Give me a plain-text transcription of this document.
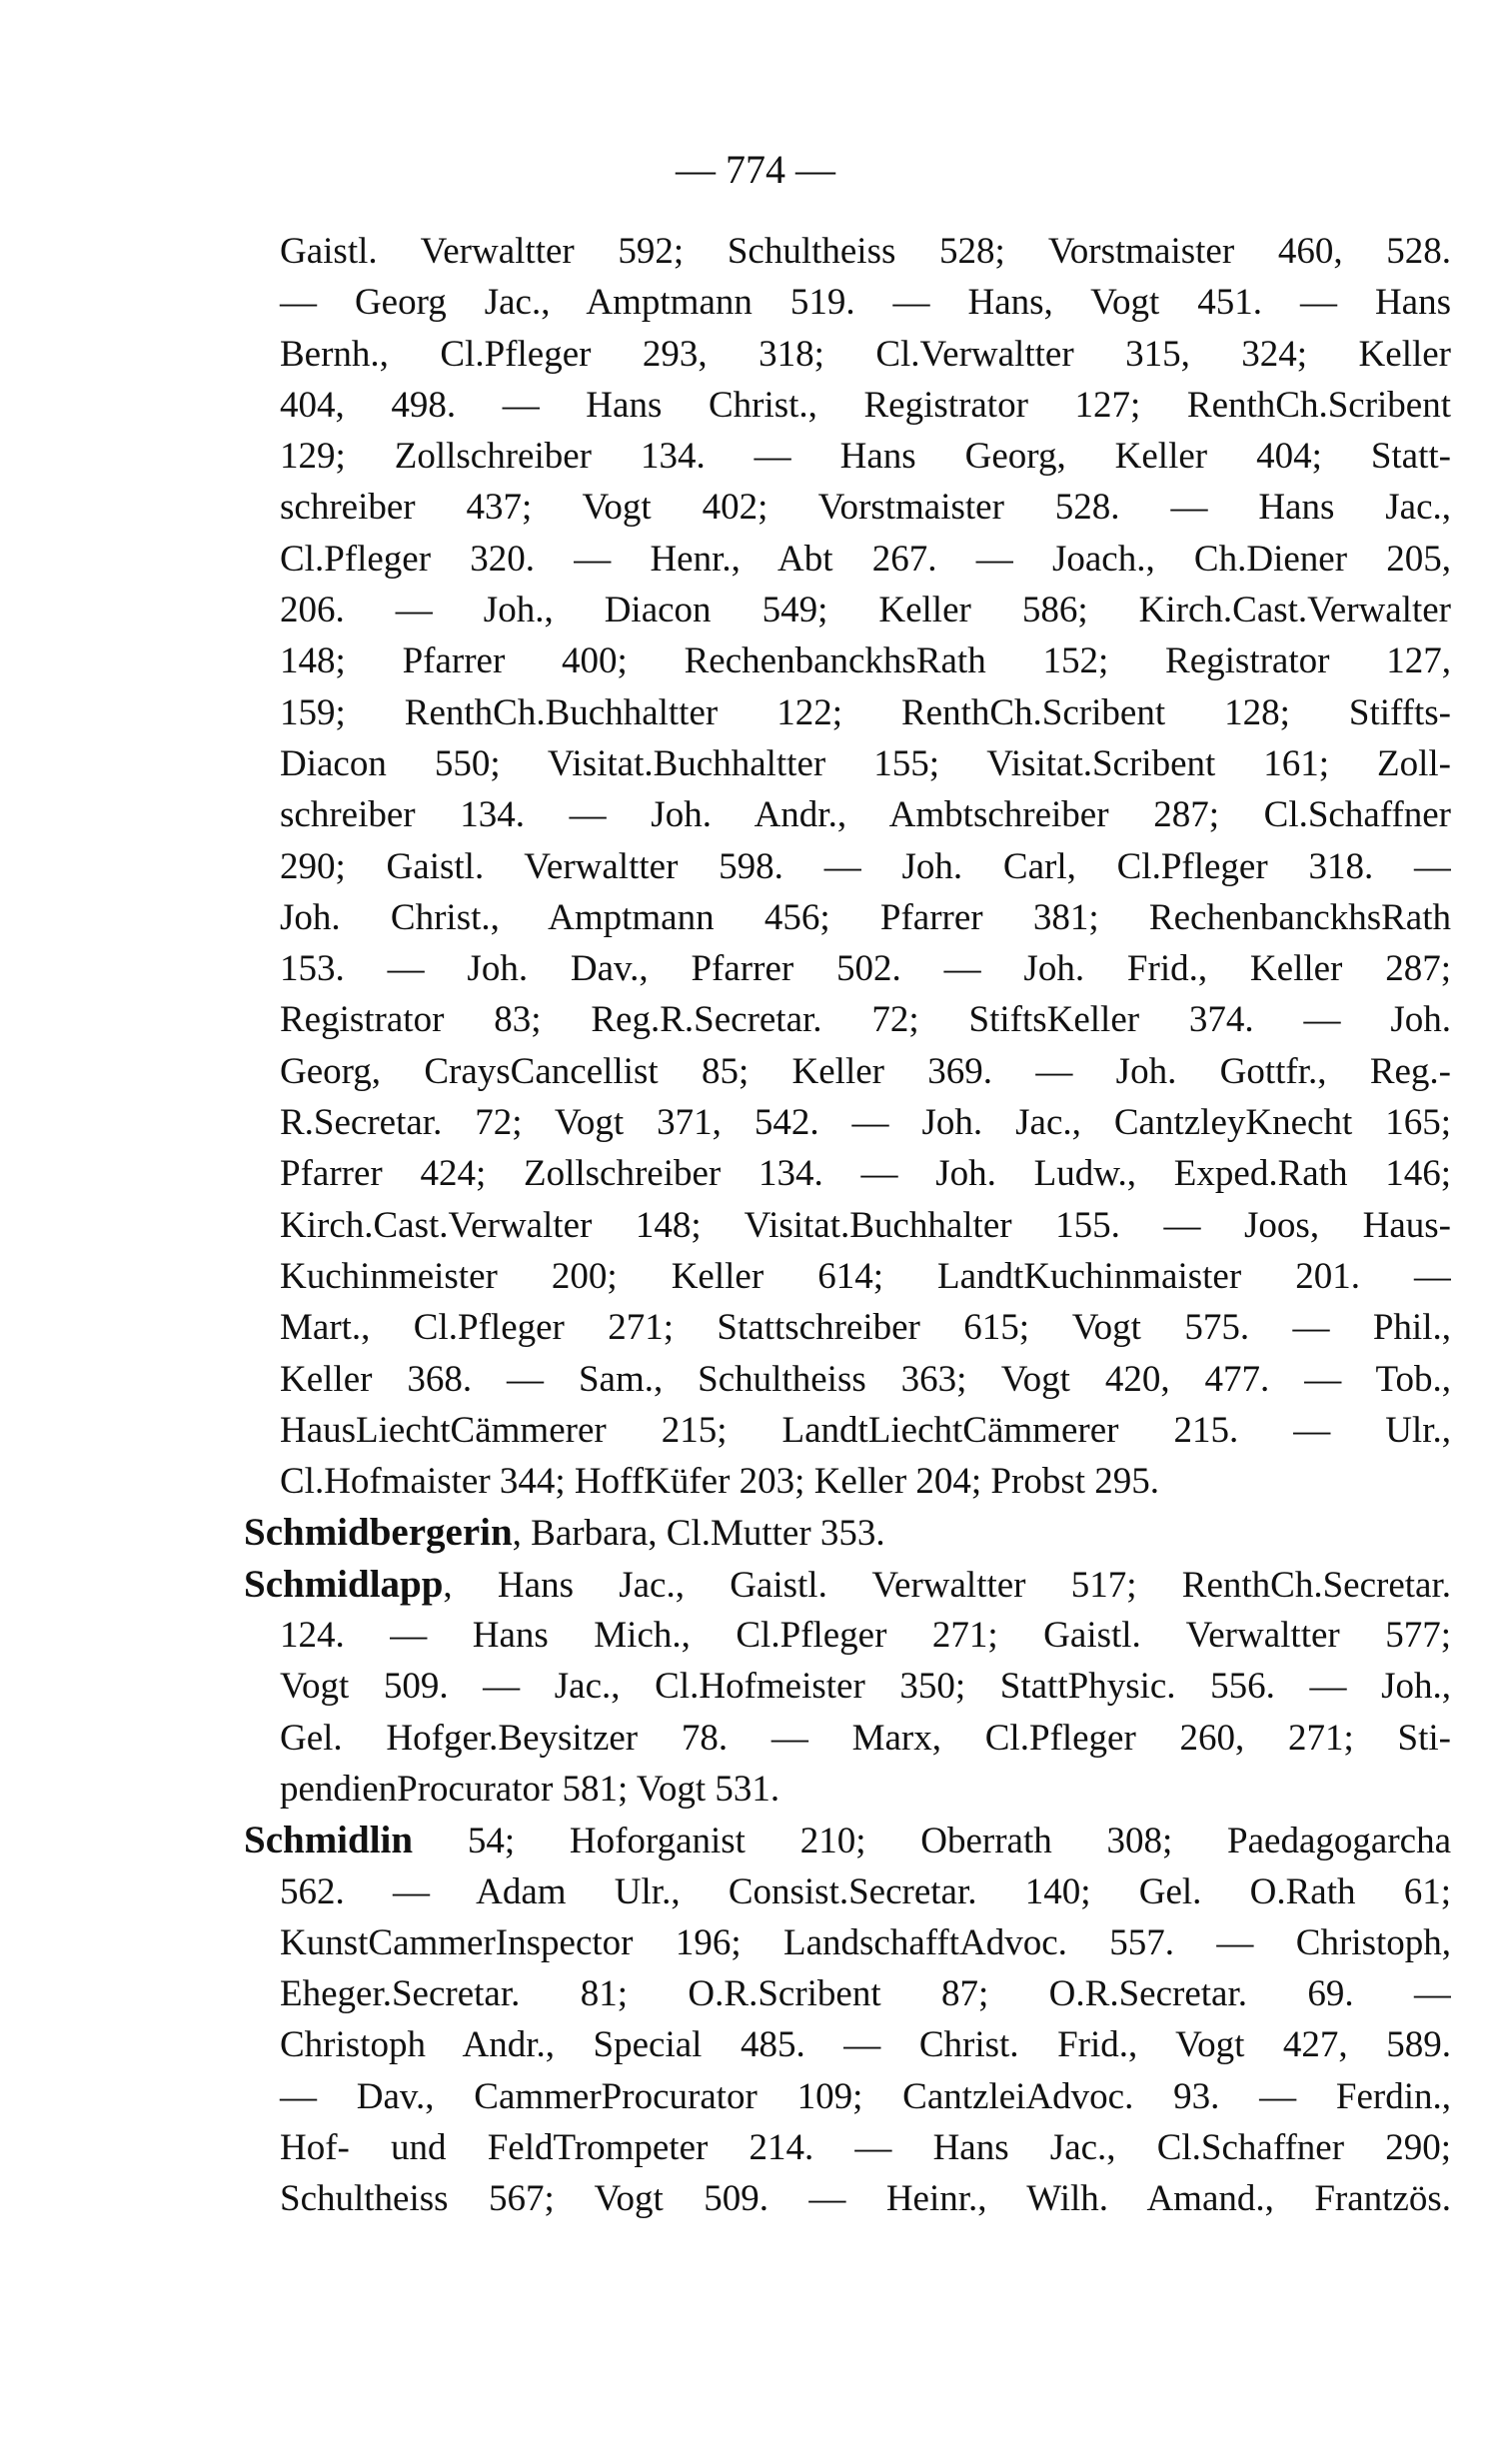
— 774 —
Gaistl. Verwaltter 592; Schultheiss 528; Vorstmaister 460, 528.
— Georg Jac., Amptmann 519. — Hans, Vogt 451. — Hans
Bernh., Cl.Pfleger 293, 318; Cl.Verwaltter 315, 324; Keller
404, 498. — Hans Christ., Registrator 127; RenthCh.Scribent
129; Zollschreiber 134. — Hans Georg, Keller 404; Statt-
schreiber 437; Vogt 402; Vorstmaister 528. — Hans Jac.,
Cl.Pfleger 320. — Henr., Abt 267. — Joach., Ch.Diener 205,
206. — Joh., Diacon 549; Keller 586; Kirch.Cast.Verwalter
148; Pfarrer 400; RechenbanckhsRath 152; Registrator 127,
159; RenthCh.Buchhaltter 122; RenthCh.Scribent 128; Stiffts-
Diacon 550; Visitat.Buchhaltter 155; Visitat.Scribent 161; Zoll-
schreiber 134. — Joh. Andr., Ambtschreiber 287; Cl.Schaffner
290; Gaistl. Verwaltter 598. — Joh. Carl, Cl.Pfleger 318. —
Joh. Christ., Amptmann 456; Pfarrer 381; RechenbanckhsRath
153. — Joh. Dav., Pfarrer 502. — Joh. Frid., Keller 287;
Registrator 83; Reg.R.Secretar. 72; StiftsKeller 374. — Joh.
Georg, CraysCancellist 85; Keller 369. — Joh. Gottfr., Reg.-
R.Secretar. 72; Vogt 371, 542. — Joh. Jac., CantzleyKnecht 165;
Pfarrer 424; Zollschreiber 134. — Joh. Ludw., Exped.Rath 146;
Kirch.Cast.Verwalter 148; Visitat.Buchhalter 155. — Joos, Haus-
Kuchinmeister 200; Keller 614; LandtKuchinmaister 201. —
Mart., Cl.Pfleger 271; Stattschreiber 615; Vogt 575. — Phil.,
Keller 368. — Sam., Schultheiss 363; Vogt 420, 477. — Tob.,
HausLiechtCämmerer 215; LandtLiechtCämmerer 215. — Ulr.,
Cl.Hofmaister 344; HoffKüfer 203; Keller 204; Probst 295.
Schmidbergerin, Barbara, Cl.Mutter 353.
Schmidlapp, Hans Jac., Gaistl. Verwaltter 517; RenthCh.Secretar.
124. — Hans Mich., Cl.Pfleger 271; Gaistl. Verwaltter 577;
Vogt 509. — Jac., Cl.Hofmeister 350; StattPhysic. 556. — Joh.,
Gel. Hofger.Beysitzer 78. — Marx, Cl.Pfleger 260, 271; Sti-
pendienProcurator 581; Vogt 531.
Schmidlin 54; Hoforganist 210; Oberrath 308; Paedagogarcha
562. — Adam Ulr., Consist.Secretar. 140; Gel. O.Rath 61;
KunstCammerInspector 196; LandschafftAdvoc. 557. — Christoph,
Eheger.Secretar. 81; O.R.Scribent 87; O.R.Secretar. 69. —
Christoph Andr., Special 485. — Christ. Frid., Vogt 427, 589.
— Dav., CammerProcurator 109; CantzleiAdvoc. 93. — Ferdin.,
Hof- und FeldTrompeter 214. — Hans Jac., Cl.Schaffner 290;
Schultheiss 567; Vogt 509. — Heinr., Wilh. Amand., Frantzös.
